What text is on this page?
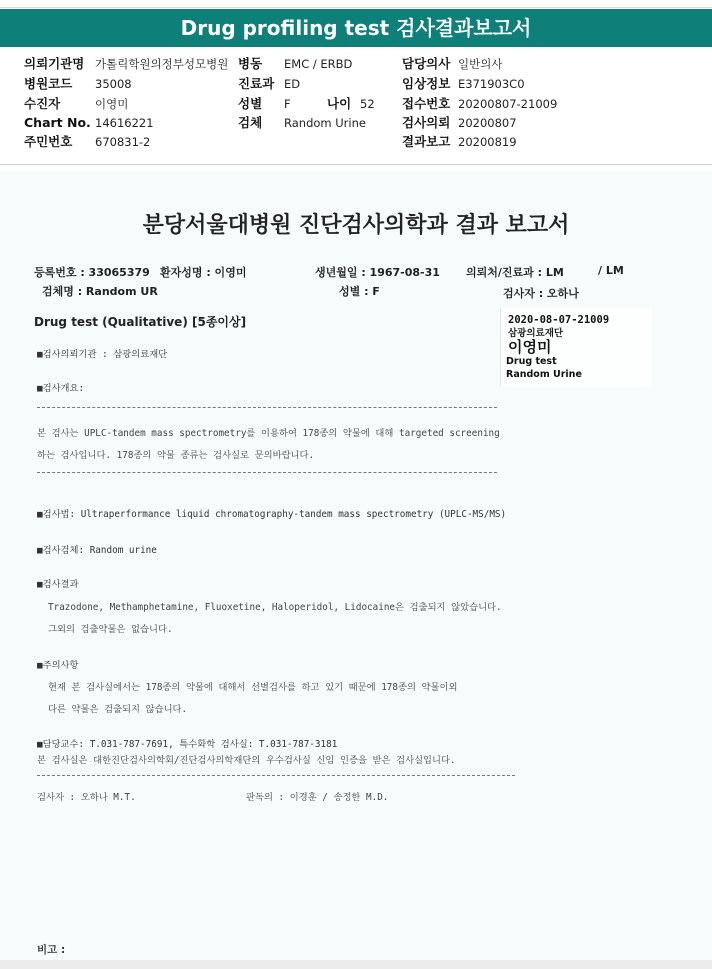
Drug profiling test 검사결과보고서
의뢰기관명 가톨릭학원의정부성모병원 병동 EMC / ERBD	담당의사 일반의사
병원코드 35008	진료과 ED	임상정보 E371903C0
수진자	이영미	성별 F	나이 52 접수번호 20200807-21009
Chart No. 14616221	검체 Random Urine	검사의뢰 20200807
주민번호 670831-2	결과보고 20200819
분당서울대병원 진단검사의학과 결과 보고서
등록번호 : 33065379 환자성명 : 이영미	생년월일 : 1967-08-31 의뢰처/진료과 : LM	/ LM
검체명 : Random UR	성별 : F	검사자 : 오하나
Drug test (Qualitative) [5종이상]	2020-08-07-21009
삼광의료재단
이영미
Drug test
Random Urine
■검사의뢰기관 : 삼광의료재단
■검사개요:
본 검사는 UPLC-tandem mass spectrometry를 이용하여 178종의 약물에 대해 targeted screening
하는 검사입니다. 178종의 약물 종류는 검사실로 문의바랍니다.
■검사법: Ultraperformance liquid chromatography-tandem mass spectrometry (UPLC-MS/MS)
■검사검체: Random urine
■검사결과
Trazodone, Methamphetamine, Fluoxetine, Haloperidol, Lidocaine은 검출되지 않았습니다.
그외의 검출약물은 없습니다.
■주의사항
현재 본 검사실에서는 178종의 약물에 대해서 선별검사를 하고 있기 때문에 178종의 약물이외
다른 약물은 검출되지 않습니다.
■담당교수: T.031-787-7691, 특수화학 검사실: T.031-787-3181
본 검사실은 대한진단검사의학회/진단검사의학재단의 우수검사실 신임 인증을 받은 검사실입니다.
검사자 : 오하나 M.T.	판독의 : 이경훈 / 송정한 M.D.
비고 :
